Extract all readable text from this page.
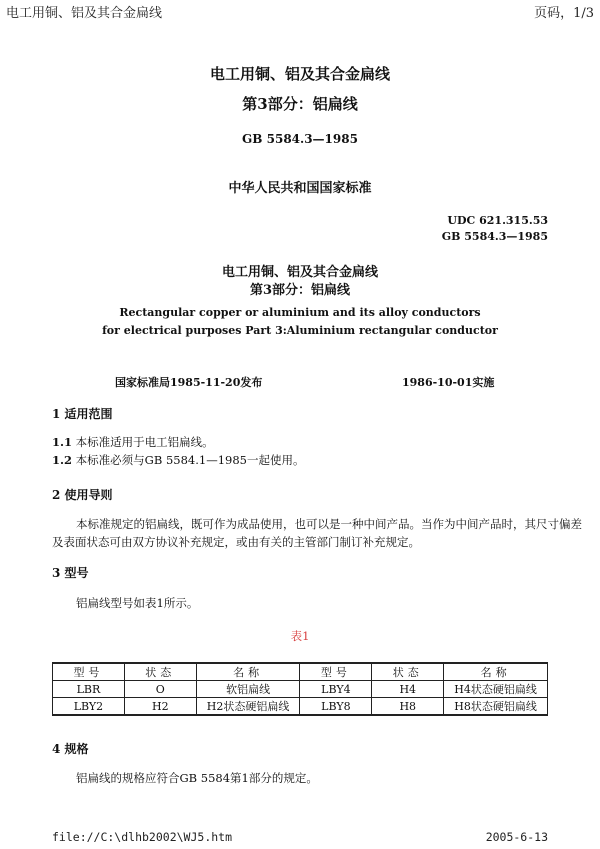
电工用铜、铝及其合金扁线	页码，1/3
电工用铜、铝及其合金扁线
第3部分：铝扁线
GB 5584.3—1985
中华人民共和国国家标准
UDC 621.315.53
GB 5584.3—1985
电工用铜、铝及其合金扁线
第3部分：铝扁线
Rectangular copper or aluminium and its alloy conductors
for electrical purposes Part 3:Aluminium rectangular conductor
国家标准局1985-11-20发布	1986-10-01实施
1 适用范围
1.1 本标准适用于电工铝扁线。
1.2 本标准必须与GB 5584.1—1985一起使用。
2 使用导则
本标准规定的铝扁线，既可作为成品使用，也可以是一种中间产品。当作为中间产品时，其尺寸偏差
及表面状态可由双方协议补充规定，或由有关的主管部门制订补充规定。
3 型号
铝扁线型号如表1所示。
表1
型号	状态	名称	型号	状态	名称
LBR	O	软铝扁线	LBY4	H4	H4状态硬铝扁线
LBY2	H2	H2状态硬铝扁线	LBY8	H8	H8状态硬铝扁线
4 规格
铝扁线的规格应符合GB 5584第1部分的规定。
file://C:\dlhb2002\WJ5.htm	2005-6-13
